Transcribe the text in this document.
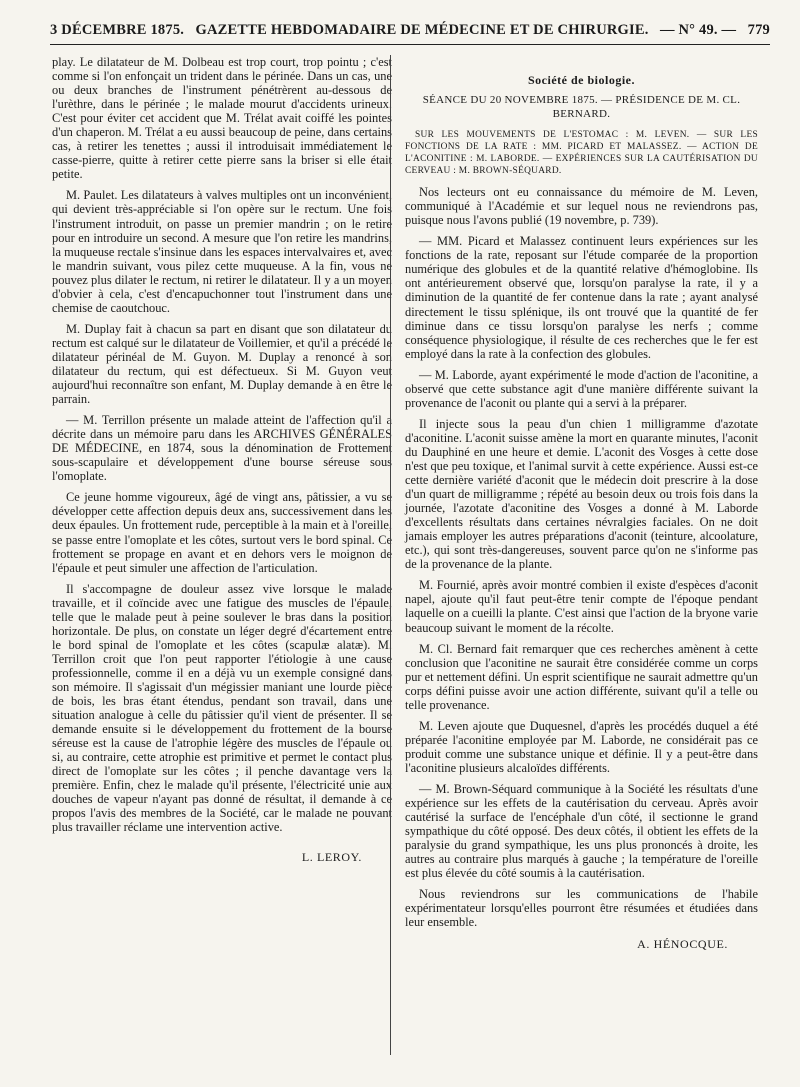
3 DÉCEMBRE 1875. GAZETTE HEBDOMADAIRE DE MÉDECINE ET DE CHIRURGIE. — N° 49. — 779

play. Le dilatateur de M. Dolbeau est trop court, trop pointu ; c'est comme si l'on enfonçait un trident dans le périnée. Dans un cas, une ou deux branches de l'instrument pénétrèrent au-dessous de l'urèthre, dans le périnée ; le malade mourut d'accidents urineux. C'est pour éviter cet accident que M. Trélat avait coiffé les pointes d'un chaperon. M. Trélat a eu aussi beaucoup de peine, dans certains cas, à retirer les tenettes ; aussi il introduisait immédiatement le casse-pierre, quitte à retirer cette pierre sans la briser si elle était petite.

M. Paulet. Les dilatateurs à valves multiples ont un inconvénient, qui devient très-appréciable si l'on opère sur le rectum. Une fois l'instrument introduit, on passe un premier mandrin ; on le retire pour en introduire un second. A mesure que l'on retire les mandrins, la muqueuse rectale s'insinue dans les espaces intervalvaires et, avec le mandrin suivant, vous pilez cette muqueuse. A la fin, vous ne pouvez plus dilater le rectum, ni retirer le dilatateur. Il y a un moyen d'obvier à cela, c'est d'encapuchonner tout l'instrument dans une chemise de caoutchouc.

M. Duplay fait à chacun sa part en disant que son dilatateur du rectum est calqué sur le dilatateur de Voillemier, et qu'il a précédé le dilatateur périnéal de M. Guyon. M. Duplay a renoncé à son dilatateur du rectum, qui est défectueux. Si M. Guyon veut aujourd'hui reconnaître son enfant, M. Duplay demande à en être le parrain.

— M. Terrillon présente un malade atteint de l'affection qu'il a décrite dans un mémoire paru dans les ARCHIVES GÉNÉRALES DE MÉDECINE, en 1874, sous la dénomination de Frottement sous-scapulaire et développement d'une bourse séreuse sous l'omoplate.

Ce jeune homme vigoureux, âgé de vingt ans, pâtissier, a vu se développer cette affection depuis deux ans, successivement dans les deux épaules. Un frottement rude, perceptible à la main et à l'oreille, se passe entre l'omoplate et les côtes, surtout vers le bord spinal. Ce frottement se propage en avant et en dehors vers le moignon de l'épaule et peut simuler une affection de l'articulation.

Il s'accompagne de douleur assez vive lorsque le malade travaille, et il coïncide avec une fatigue des muscles de l'épaule, telle que le malade peut à peine soulever le bras dans la position horizontale. De plus, on constate un léger degré d'écartement entre le bord spinal de l'omoplate et les côtes (scapulæ alatæ). M. Terrillon croit que l'on peut rapporter l'étiologie à une cause professionnelle, comme il en a déjà vu un exemple consigné dans son mémoire. Il s'agissait d'un mégissier maniant une lourde pièce de bois, les bras étant étendus, pendant son travail, dans une situation analogue à celle du pâtissier qu'il vient de présenter. Il se demande ensuite si le développement du frottement de la bourse séreuse est la cause de l'atrophie légère des muscles de l'épaule ou si, au contraire, cette atrophie est primitive et permet le contact plus direct de l'omoplate sur les côtes ; il penche davantage vers la première. Enfin, chez le malade qu'il présente, l'électricité unie aux douches de vapeur n'ayant pas donné de résultat, il demande à ce propos l'avis des membres de la Société, car le malade ne pouvant plus travailler réclame une intervention active.

L. LEROY.
Société de biologie.
SÉANCE DU 20 NOVEMBRE 1875. — PRÉSIDENCE DE M. CL. BERNARD.

SUR LES MOUVEMENTS DE L'ESTOMAC : M. LEVEN. — SUR LES FONCTIONS DE LA RATE : MM. PICARD ET MALASSEZ. — ACTION DE L'ACONITINE : M. LABORDE. — EXPÉRIENCES SUR LA CAUTÉRISATION DU CERVEAU : M. BROWN-SÉQUARD.

Nos lecteurs ont eu connaissance du mémoire de M. Leven, communiqué à l'Académie et sur lequel nous ne reviendrons pas, puisque nous l'avons publié (19 novembre, p. 739).

— MM. Picard et Malassez continuent leurs expériences sur les fonctions de la rate, reposant sur l'étude comparée de la proportion numérique des globules et de la quantité relative d'hémoglobine. Ils ont antérieurement observé que, lorsqu'on paralyse la rate, il y a diminution de la quantité de fer contenue dans la rate ; ayant analysé directement le tissu splénique, ils ont trouvé que la quantité de fer diminue dans ce tissu lorsqu'on paralyse les nerfs ; comme conséquence physiologique, il résulte de ces recherches que le fer est employé dans la rate à la confection des globules.

— M. Laborde, ayant expérimenté le mode d'action de l'aconitine, a observé que cette substance agit d'une manière différente suivant la provenance de l'aconit ou plante qui a servi à la préparer.

Il injecte sous la peau d'un chien 1 milligramme d'azotate d'aconitine. L'aconit suisse amène la mort en quarante minutes, l'aconit du Dauphiné en une heure et demie. L'aconit des Vosges à cette dose n'est que peu toxique, et l'animal survit à cette expérience. Aussi est-ce cette dernière variété d'aconit que le médecin doit prescrire à la dose d'un quart de milligramme ; répété au besoin deux ou trois fois dans la journée, l'azotate d'aconitine des Vosges a donné à M. Laborde d'excellents résultats dans certaines névralgies faciales. On ne doit jamais employer les autres préparations d'aconit (teinture, alcoolature, etc.), qui sont très-dangereuses, souvent parce qu'on ne s'informe pas de la provenance de la plante.

M. Fournié, après avoir montré combien il existe d'espèces d'aconit napel, ajoute qu'il faut peut-être tenir compte de l'époque pendant laquelle on a cueilli la plante. C'est ainsi que l'action de la bryone varie beaucoup suivant le moment de la récolte.

M. Cl. Bernard fait remarquer que ces recherches amènent à cette conclusion que l'aconitine ne saurait être considérée comme un corps pur et nettement défini. Un esprit scientifique ne saurait admettre qu'un corps défini puisse avoir une action différente, suivant qu'il a telle ou telle provenance.

M. Leven ajoute que Duquesnel, d'après les procédés duquel a été préparée l'aconitine employée par M. Laborde, ne considérait pas ce produit comme une substance unique et définie. Il y a peut-être dans l'aconitine plusieurs alcaloïdes différents.

— M. Brown-Séquard communique à la Société les résultats d'une expérience sur les effets de la cautérisation du cerveau. Après avoir cautérisé la surface de l'encéphale d'un côté, il sectionne le grand sympathique du côté opposé. Des deux côtés, il obtient les effets de la paralysie du grand sympathique, les uns plus prononcés à droite, les autres au contraire plus marqués à gauche ; la température de l'oreille est plus élevée du côté soumis à la cautérisation.

Nous reviendrons sur les communications de l'habile expérimentateur lorsqu'elles pourront être résumées et étudiées dans leur ensemble.

A. HÉNOCQUE.
